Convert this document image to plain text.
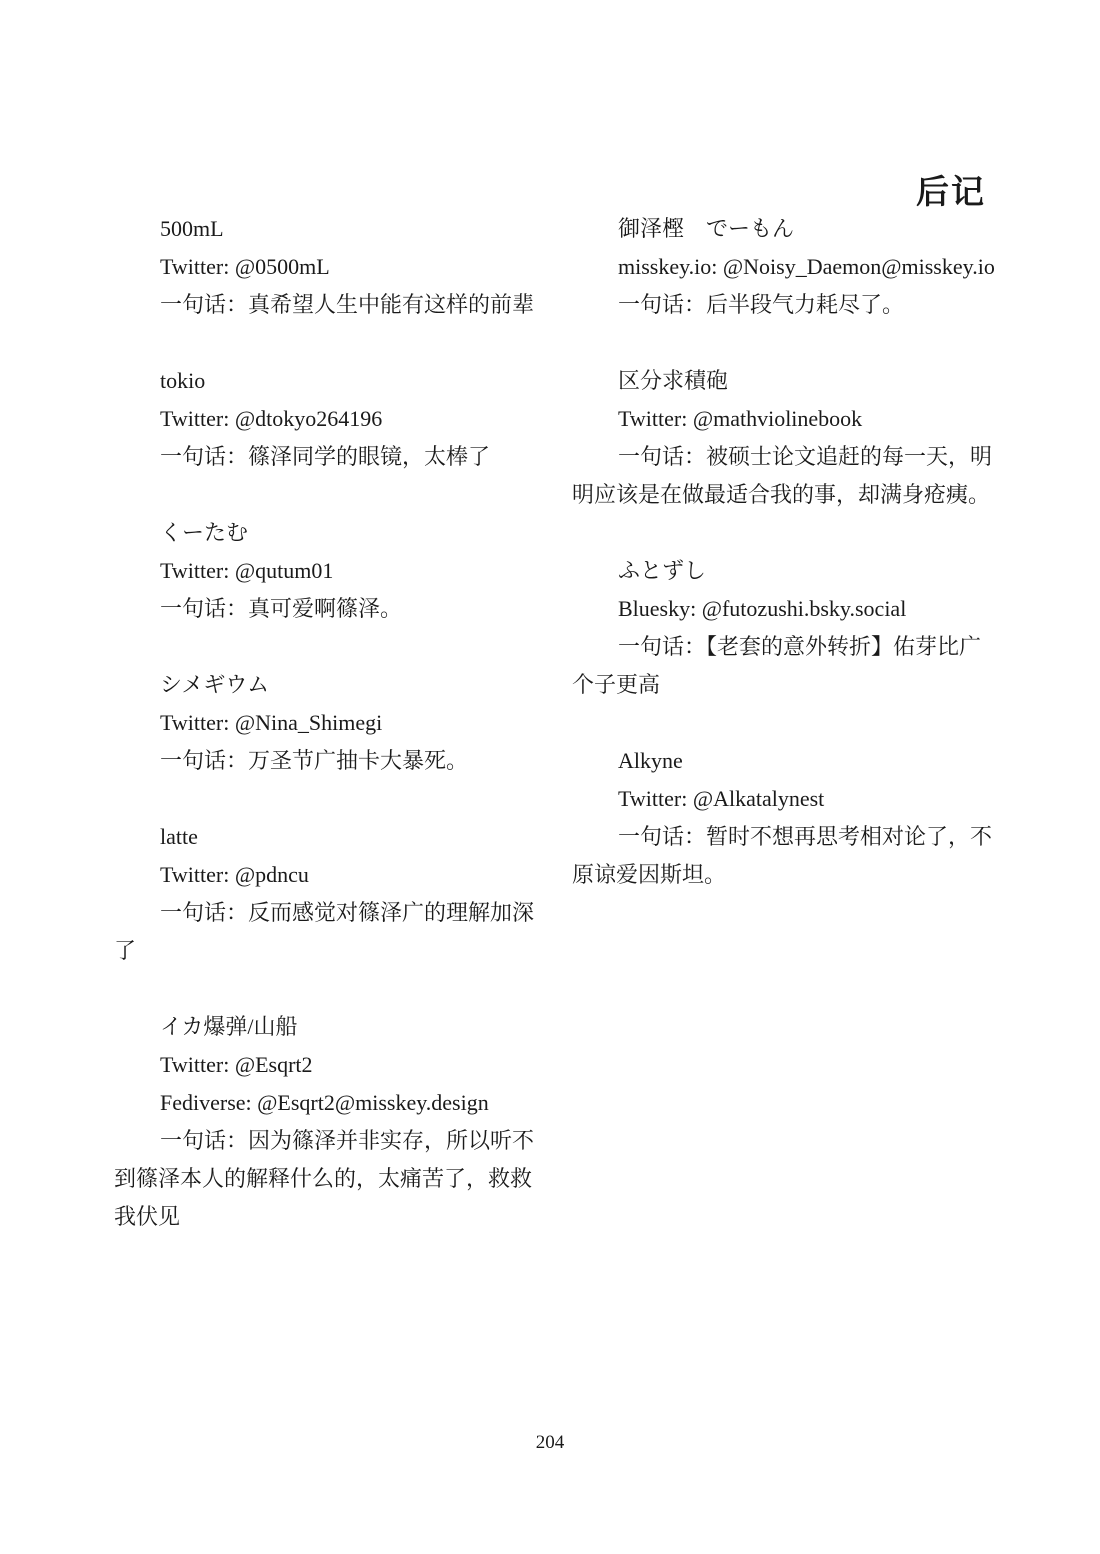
后记

500mL

Twitter: @0500mL

一句话：真希望人生中能有这样的前辈

tokio

Twitter: @dtokyo264196

一句话：篠泽同学的眼镜，太棒了

くーたむ

Twitter: @qutum01

一句话：真可爱啊篠泽。

シメギウム

Twitter: @Nina_Shimegi

一句话：万圣节广抽卡大暴死。

latte

Twitter: @pdncu

一句话：反而感觉对篠泽广的理解加深了

イカ爆弹/山船

Twitter: @Esqrt2

Fediverse: @Esqrt2@misskey.design

一句话：因为篠泽并非实存，所以听不到篠泽本人的解释什么的，太痛苦了，救救我伏见

御泽樫　でーもん

misskey.io: @Noisy_Daemon@misskey.io

一句话：后半段气力耗尽了。

区分求積砲

Twitter: @mathviolinebook

一句话：被硕士论文追赶的每一天，明明应该是在做最适合我的事，却满身疮痍。

ふとずし

Bluesky: @futozushi.bsky.social

一句话：【老套的意外转折】佑芽比广个子更高

Alkyne

Twitter: @Alkatalynest

一句话：暂时不想再思考相对论了，不原谅爱因斯坦。

204
